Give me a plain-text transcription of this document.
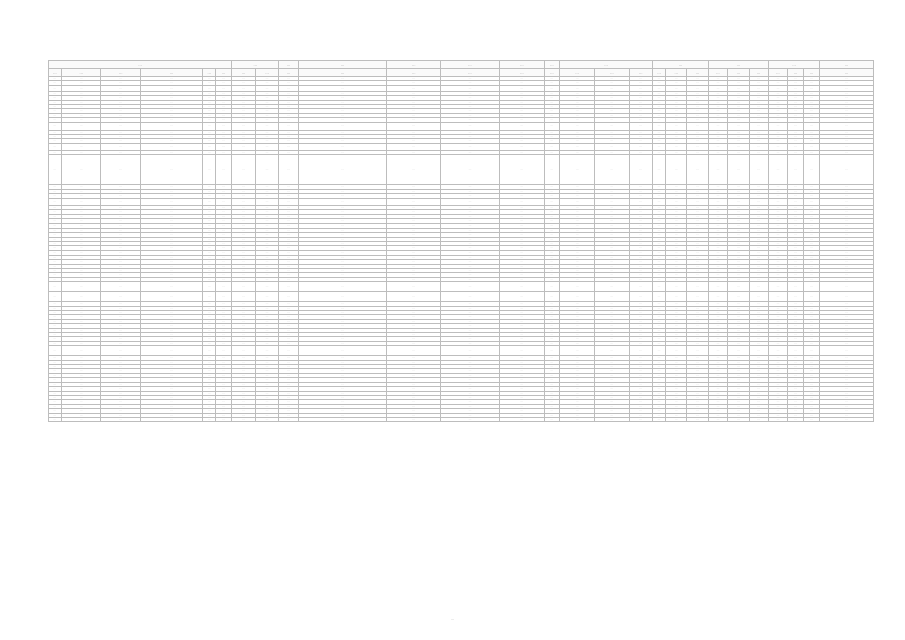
…						…		…	…	…	…	…	…	…			…			…			…			…
…	…	…	…	…	…	…	…	…	…	…	…	…	…	…	…	…	…	…	…	…	…	…	…	…	…	…
…	…	…	…	…	…	…	…	…	…	…	…	…	…	…	…	…	…	…	…	…	…	…	…	…	…	…
…	…	…	…	…	…	…	…	…	…	…	…	…	…	…	…	…	…	…	…	…	…	…	…	…	…	…
…	…	…	…	…	…	…	…	…	…	…	…	…	…	…	…	…	…	…	…	…	…	…	…	…	…	…
…	…	…	…	…	…	…	…	…	…	…	…	…	…	…	…	…	…	…	…	…	…	…	…	…	…	…
…	…	…	…	…	…	…	…	…	…	…	…	…	…	…	…	…	…	…	…	…	…	…	…	…	…	…
…	…	…	…	…	…	…	…	…	…	…	…	…	…	…	…	…	…	…	…	…	…	…	…	…	…	…
…	…	…	…	…	…	…	…	…	…	…	…	…	…	…	…	…	…	…	…	…	…	…	…	…	…	…
…	…	…	…	…	…	…	…	…	…	…	…	…	…	…	…	…	…	…	…	…	…	…	…	…	…	…
…	…	…	…	…	…	…	…	…	…	…	…	…	…	…	…	…	…	…	…	…	…	…	…	…	…	…
…	…	…	…	…	…	…	…	…	…	…	…	…	…	…	…	…	…	…	…	…	…	…	…	…	…	…
…	…	…	…	…	…	…	…	…	…	…	…	…	…	…	…	…	…	…	…	…	…	…	…	…	…	…
…	…	…	…	…	…	…	…	…	…	…	…	…	…	…	…	…	…	…	…	…	…	…	…	…	…	…
…	…	…	…	…	…	…	…	…	…	…	…	…	…	…	…	…	…	…	…	…	…	…	…	…	…	…
…	…	…	…	…	…	…	…	…	…	…	…	…	…	…	…	…	…	…	…	…	…	…	…	…	…	…
…	…	…	…	…	…	…	…	…	…	…	…	…	…	…	…	…	…	…	…	…	…	…	…	…	…	…
…	…	…	…	…	…	…	…	…	…	…	…	…	…	…	…	…	…	…	…	…	…	…	…	…	…	…
…	…	…	…	…	…	…	…	…	…	…	…	…	…	…	…	…	…	…	…	…	…	…	…	…	…	…
…	…	…	…	…	…	…	…	…	…	…	…	…	…	…	…	…	…	…	…	…	…	…	…	…	…	…
…	…	…	…	…	…	…	…	…	…	…	…	…	…	…	…	…	…	…	…	…	…	…	…	…	…	…
…	…	…	…	…	…	…	…	…	…	…	…	…	…	…	…	…	…	…	…	…	…	…	…	…	…	…
…	…	…	…	…	…	…	…	…	…	…	…	…	…	…	…	…	…	…	…	…	…	…	…	…	…	…
…	…	…	…	…	…	…	…	…	…	…	…	…	…	…	…	…	…	…	…	…	…	…	…	…	…	…
…	…	…	…	…	…	…	…	…	…	…	…	…	…	…	…	…	…	…	…	…	…	…	…	…	…	…
…	…	…	…	…	…	…	…	…	…	…	…	…	…	…	…	…	…	…	…	…	…	…	…	…	…	…
…	…	…	…	…	…	…	…	…	…	…	…	…	…	…	…	…	…	…	…	…	…	…	…	…	…	…
…	…	…	…	…	…	…	…	…	…	…	…	…	…	…	…	…	…	…	…	…	…	…	…	…	…	…
…	…	…	…	…	…	…	…	…	…	…	…	…	…	…	…	…	…	…	…	…	…	…	…	…	…	…
…	…	…	…	…	…	…	…	…	…	…	…	…	…	…	…	…	…	…	…	…	…	…	…	…	…	…
…	…	…	…	…	…	…	…	…	…	…	…	…	…	…	…	…	…	…	…	…	…	…	…	…	…	…
…	…	…	…	…	…	…	…	…	…	…	…	…	…	…	…	…	…	…	…	…	…	…	…	…	…	…
…	…	…	…	…	…	…	…	…	…	…	…	…	…	…	…	…	…	…	…	…	…	…	…	…	…	…
…	…	…	…	…	…	…	…	…	…	…	…	…	…	…	…	…	…	…	…	…	…	…	…	…	…	…
…	…	…	…	…	…	…	…	…	…	…	…	…	…	…	…	…	…	…	…	…	…	…	…	…	…	…
…	…	…	…	…	…	…	…	…	…	…	…	…	…	…	…	…	…	…	…	…	…	…	…	…	…	…
…	…	…	…	…	…	…	…	…	…	…	…	…	…	…	…	…	…	…	…	…	…	…	…	…	…	…
…	…	…	…	…	…	…	…	…	…	…	…	…	…	…	…	…	…	…	…	…	…	…	…	…	…	…
…	…	…	…	…	…	…	…	…	…	…	…	…	…	…	…	…	…	…	…	…	…	…	…	…	…	…
…	…	…	…	…	…	…	…	…	…	…	…	…	…	…	…	…	…	…	…	…	…	…	…	…	…	…
…	…	…	…	…	…	…	…	…	…	…	…	…	…	…	…	…	…	…	…	…	…	…	…	…	…	…
…	…	…	…	…	…	…	…	…	…	…	…	…	…	…	…	…	…	…	…	…	…	…	…	…	…	…
…	…	…	…	…	…	…	…	…	…	…	…	…	…	…	…	…	…	…	…	…	…	…	…	…	…	…
…	…	…	…	…	…	…	…	…	…	…	…	…	…	…	…	…	…	…	…	…	…	…	…	…	…	…
…	…	…	…	…	…	…	…	…	…	…	…	…	…	…	…	…	…	…	…	…	…	…	…	…	…	…
…	…	…	…	…	…	…	…	…	…	…	…	…	…	…	…	…	…	…	…	…	…	…	…	…	…	…
…	…	…	…	…	…	…	…	…	…	…	…	…	…	…	…	…	…	…	…	…	…	…	…	…	…	…
…	…	…	…	…	…	…	…	…	…	…	…	…	…	…	…	…	…	…	…	…	…	…	…	…	…	…
…	…	…	…	…	…	…	…	…	…	…	…	…	…	…	…	…	…	…	…	…	…	…	…	…	…	…
…	…	…	…	…	…	…	…	…	…	…	…	…	…	…	…	…	…	…	…	…	…	…	…	…	…	…
…	…	…	…	…	…	…	…	…	…	…	…	…	…	…	…	…	…	…	…	…	…	…	…	…	…	…
…	…	…	…	…	…	…	…	…	…	…	…	…	…	…	…	…	…	…	…	…	…	…	…	…	…	…
…	…	…	…	…	…	…	…	…	…	…	…	…	…	…	…	…	…	…	…	…	…	…	…	…	…	…
…	…	…	…	…	…	…	…	…	…	…	…	…	…	…	…	…	…	…	…	…	…	…	…	…	…	…
…	…	…	…	…	…	…	…	…	…	…	…	…	…	…	…	…	…	…	…	…	…	…	…	…	…	…
…	…	…	…	…	…	…	…	…	…	…	…	…	…	…	…	…	…	…	…	…	…	…	…	…	…	…
…	…	…	…	…	…	…	…	…	…	…	…	…	…	…	…	…	…	…	…	…	…	…	…	…	…	…
…	…	…	…	…	…	…	…	…	…	…	…	…	…	…	…	…	…	…	…	…	…	…	…	…	…	…
…	…	…	…	…	…	…	…	…	…	…	…	…	…	…	…	…	…	…	…	…	…	…	…	…	…	…
…	…	…	…	…	…	…	…	…	…	…	…	…	…	…	…	…	…	…	…	…	…	…	…	…	…	…
…	…	…	…	…	…	…	…	…	…	…	…	…	…	…	…	…	…	…	…	…	…	…	…	…	…	…
…	…	…	…	…	…	…	…	…	…	…	…	…	…	…	…	…	…	…	…	…	…	…	…	…	…	…
…	…	…	…	…	…	…	…	…	…	…	…	…	…	…	…	…	…	…	…	…	…	…	…	…	…	…
…	…	…	…	…	…	…	…	…	…	…	…	…	…	…	…	…	…	…	…	…	…	…	…	…	…	…
…	…	…	…	…	…	…	…	…	…	…	…	…	…	…	…	…	…	…	…	…	…	…	…	…	…	…
…	…	…	…	…	…	…	…	…	…	…	…	…	…	…	…	…	…	…	…	…	…	…	…	…	…	…
…	…	…	…	…	…	…	…	…	…	…	…	…	…	…	…	…	…	…	…	…	…	…	…	…	…	…
…	…	…	…	…	…	…	…	…	…	…	…	…	…	…	…	…	…	…	…	…	…	…	…	…	…	…
…
